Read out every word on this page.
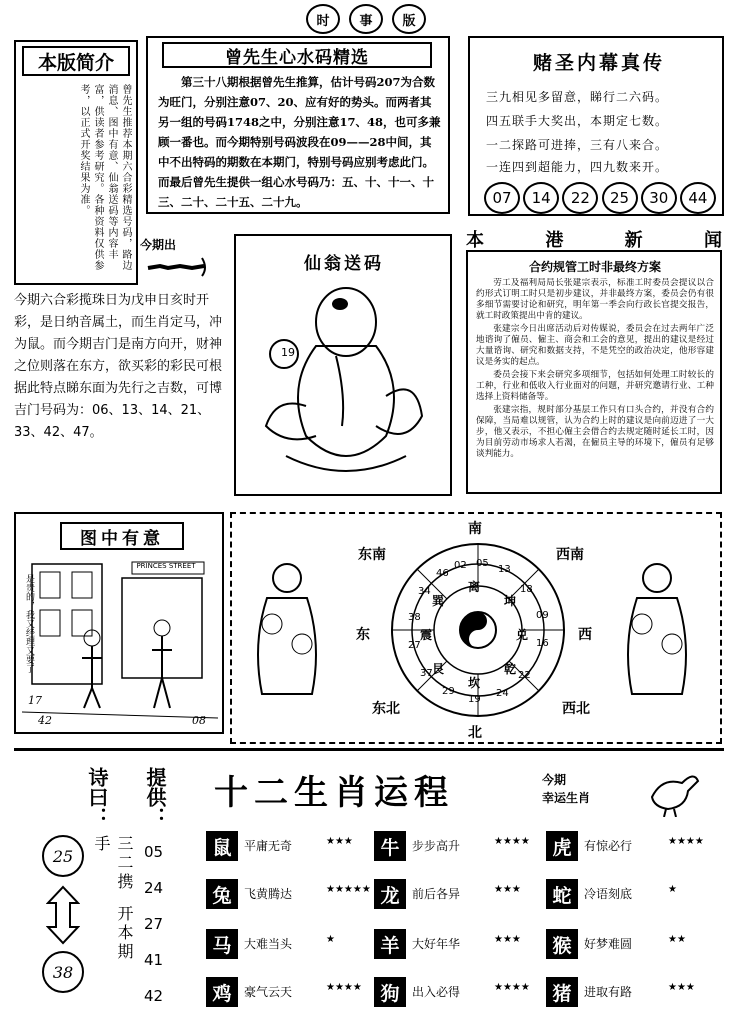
时	事	版
本版简介
曾先生推荐本期六合彩精选号码，路边消息、图中有意、仙翁送码等内容丰富，供读者参考研究。各种资料仅供参考，以正式开奖结果为准。
曾先生心水码精选
第三十八期根据曾先生推算，估计号码207为合数为旺门，分别注意07、20、应有好的势头。而两者其另一组的号码1748之中，分别注意17、48，也可多兼顾一番也。而今期特别号码波段在09——28中间，其中不出特码的期数在本期门，特别号码应别考虑此门。而最后曾先生提供一组心水号码乃：五、十、十一、十三、二十、二十五、二十九。
赌圣内幕真传
三九相见多留意，睇行二六码。
四五联手大奖出，本期定七数。
一二探路可进捧，三有八来合。
一连四到超能力，四九数来开。
07	14	22	25	30	44
今期出
今期六合彩揽珠日为戊申日亥时开彩，是日纳音属土，而生肖定马，冲为鼠。而今期吉门是南方向开，财神之位则落在东方，欲买彩的彩民可根据此特点睇东面为先行之吉数，可博吉门号码为：06、13、14、21、33、42、47。
仙翁送码
19
本	港	新	闻
合约规管工时非最终方案

劳工及福利局局长张建宗表示，标准工时委员会提议以合约形式订明工时只是初步建议，并非最终方案，委员会仍有很多细节需要讨论和研究，明年第一季会向行政长官提交报告，就工时政策提出中肯的建议。

张建宗今日出席活动后对传媒说，委员会在过去两年广泛地谘询了僱员、僱主、商会和工会的意见，提出的建议是经过大量谘询、研究和数据支持，不是凭空的政治决定，他形容建议是务实的起点。

委员会接下来会研究多项细节，包括如何处理工时较长的工种，行业和低收入行业面对的问题，并研究邀请行业、工种选择上资料储备等。

张建宗指，规时部分基层工作只有口头合约，并没有合约保障，当局难以规管，认为合约上时的建议是向前迈进了一大步，他又表示，不担心僱主会借合约去规定随时延长工时，因为目前劳动市场求人若渴，在僱员主导的环境下，僱员有足够谈判能力。

图中有意
是贵的，我又经理又要了
PRINCES STREET
17
42	08
离
坤
兑
乾
坎
艮
震
巽
02 05
13
18
09
16
22
24
19
29
37
27
38
34
46
南
北
东	西
东南	西南
东北	西北
诗曰：	提供：
三二携手
开本期
25
38
05
24
27
41
42
十二生肖运程	今期
幸运生肖
鼠	平庸无奇	★★★	牛	步步高升	★★★★	虎	有惊必行	★★★★
兔	飞黄腾达	★★★★★ 龙	前后各异	★★★	蛇	冷语刻底	★
马	大难当头	★	羊	大好年华	★★★	猴	好梦难圆	★★
鸡	豪气云天	★★★★ 狗	出入必得	★★★★	猪	进取有路	★★★
